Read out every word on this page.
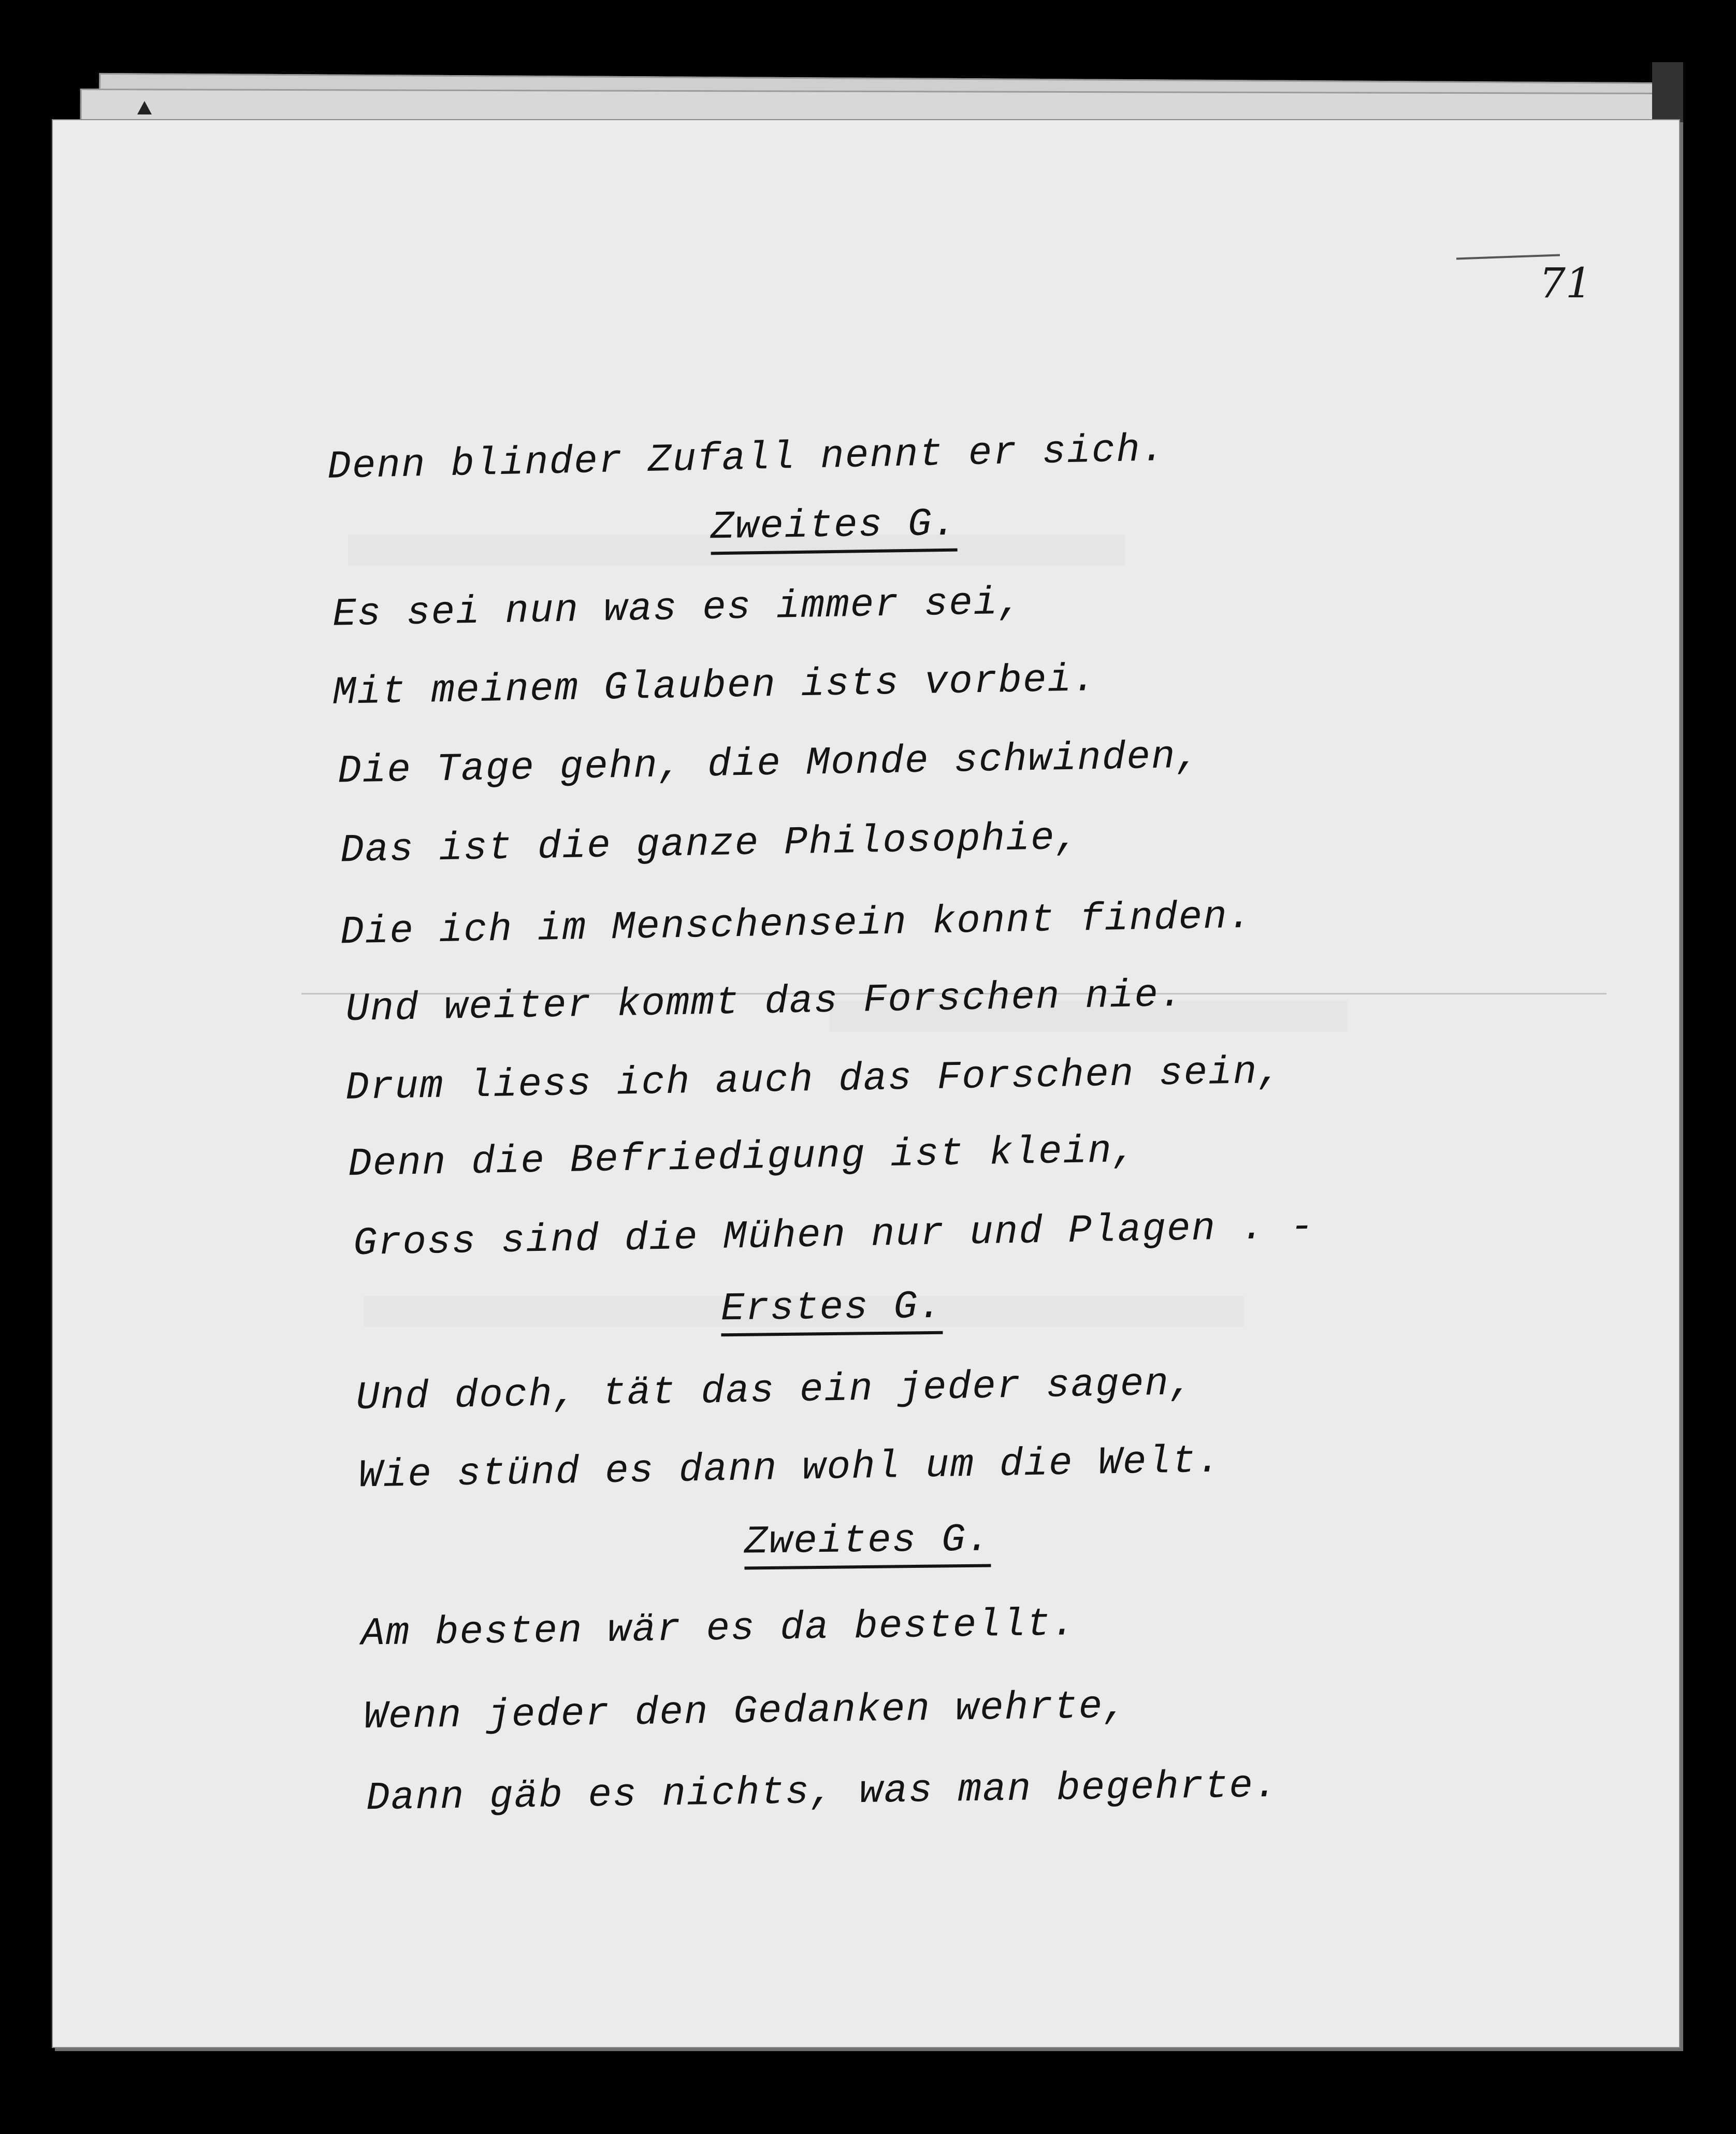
71
Denn blinder Zufall nennt er sich.
Zweites G.
Es sei nun was es immer sei,
Mit meinem Glauben ists vorbei.
Die Tage gehn, die Monde schwinden,
Das ist die ganze Philosophie,
Die ich im Menschensein konnt finden.
Und weiter kommt das Forschen nie.
Drum liess ich auch das Forschen sein,
Denn die Befriedigung ist klein,
Gross sind die Mühen nur und Plagen . -
Erstes G.
Und doch, tät das ein jeder sagen,
Wie stünd es dann wohl um die Welt.
Zweites G.
Am besten wär es da bestellt.
Wenn jeder den Gedanken wehrte,
Dann gäb es nichts, was man begehrte.
